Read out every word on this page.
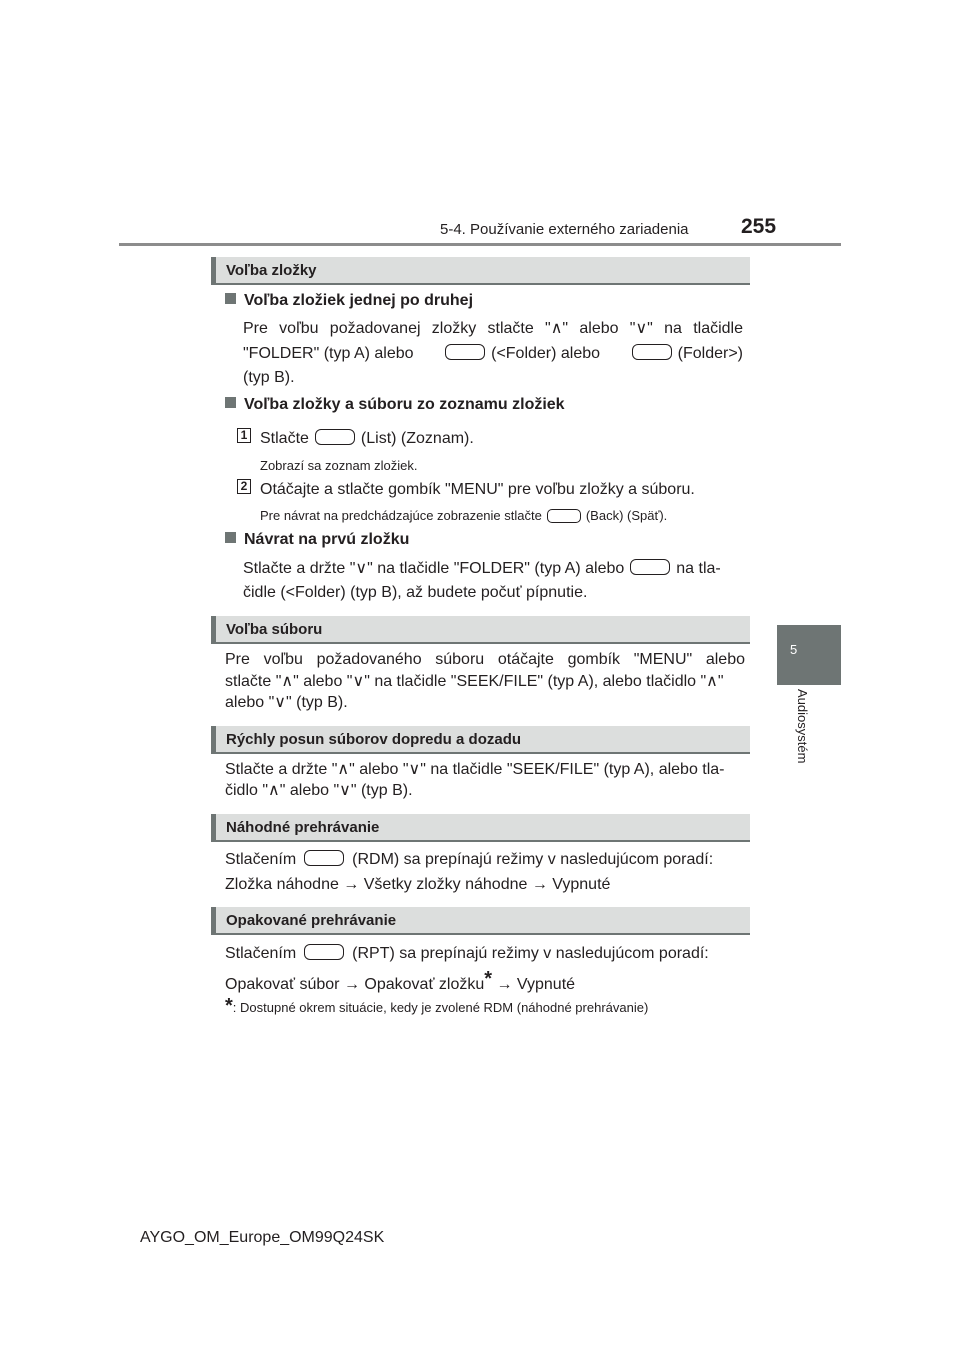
5-4. Používanie externého zariadenia	255
5
Audiosystém
Voľba zložky
Voľba zložiek jednej po druhej
Pre voľbu požadovanej zložky stlačte "∧" alebo "∨" na tlačidle
"FOLDER" (typ A) alebo	(<Folder) alebo	(Folder>)
(typ B).
Voľba zložky a súboru zo zoznamu zložiek
1 Stlačte	(List) (Zoznam).
Zobrazí sa zoznam zložiek.
2 Otáčajte a stlačte gombík "MENU" pre voľbu zložky a súboru.
Pre návrat na predchádzajúce zobrazenie stlačte	(Back) (Späť).
Návrat na prvú zložku
Stlačte a držte "∨" na tlačidle "FOLDER" (typ A) alebo	na tla-
čidle (<Folder) (typ B), až budete počuť pípnutie.
Voľba súboru
Pre voľbu požadovaného súboru otáčajte gombík "MENU" alebo
stlačte "∧" alebo "∨" na tlačidle "SEEK/FILE" (typ A), alebo tlačidlo "∧"
alebo "∨" (typ B).
Rýchly posun súborov dopredu a dozadu
Stlačte a držte "∧" alebo "∨" na tlačidle "SEEK/FILE" (typ A), alebo tla-
čidlo "∧" alebo "∨" (typ B).
Náhodné prehrávanie
Stlačením	(RDM) sa prepínajú režimy v nasledujúcom poradí:
Zložka náhodne → Všetky zložky náhodne → Vypnuté
Opakované prehrávanie
Stlačením	(RPT) sa prepínajú režimy v nasledujúcom poradí:
Opakovať súbor → Opakovať zložku* → Vypnuté
*: Dostupné okrem situácie, kedy je zvolené RDM (náhodné prehrávanie)
AYGO_OM_Europe_OM99Q24SK
